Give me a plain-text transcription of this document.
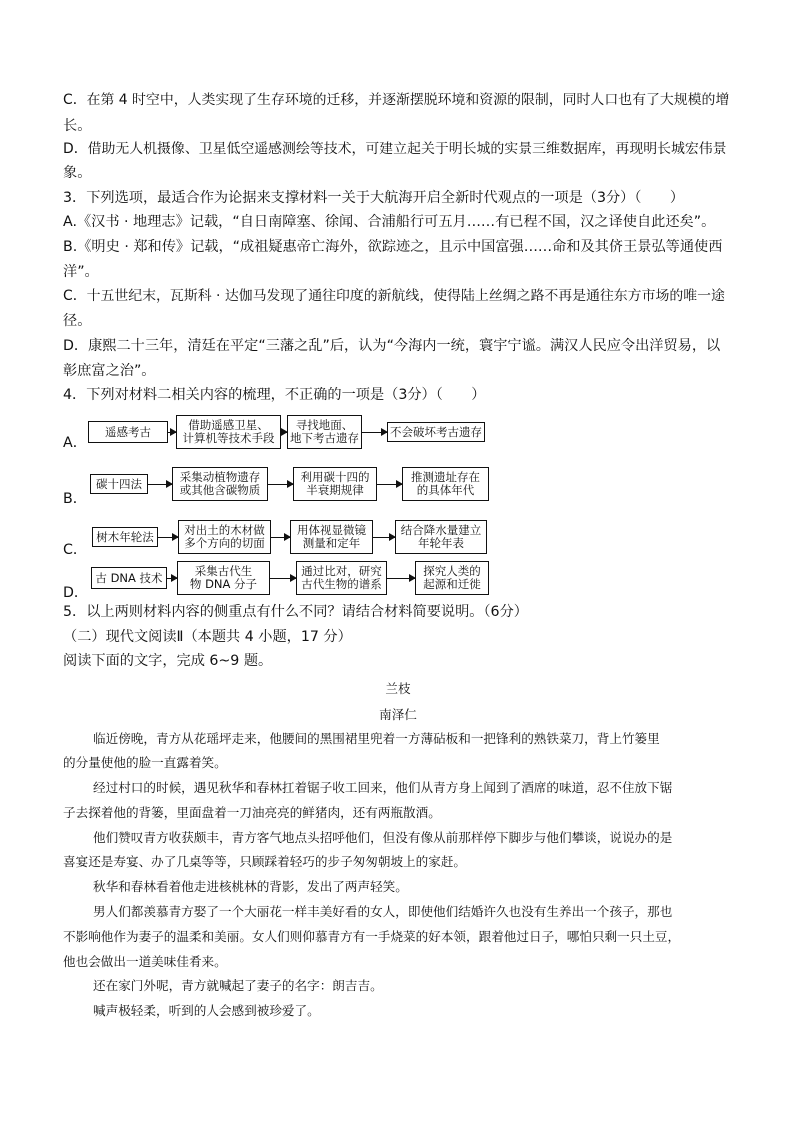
C．在第 4 时空中，人类实现了生存环境的迁移，并逐渐摆脱环境和资源的限制，同时人口也有了大规模的增
长。
D．借助无人机摄像、卫星低空遥感测绘等技术，可建立起关于明长城的实景三维数据库，再现明长城宏伟景
象。
3．下列选项，最适合作为论据来支撑材料一关于大航海开启全新时代观点的一项是（3分）（　　）
A.《汉书 · 地理志》记载，“自日南障塞、徐闻、合浦船行可五月……有已程不国，汉之译使自此还矣”。
B.《明史 · 郑和传》记载，“成祖疑惠帝亡海外，欲踪迹之，且示中国富强……命和及其侪王景弘等通使西
洋”。
C．十五世纪末，瓦斯科 · 达伽马发现了通往印度的新航线，使得陆上丝绸之路不再是通往东方市场的唯一途
径。
D．康熙二十三年，清廷在平定“三藩之乱”后，认为“今海内一统，寰宇宁谧。满汉人民应令出洋贸易，以
彰庶富之治”。
4．下列对材料二相关内容的梳理，不正确的一项是（3分）（　　）
A．
遥感考古	借助遥感卫星、
计算机等技术手段
寻找地面、
地下考古遗存	不会破坏考古遗存
B．
碳十四法	采集动植物遗存
或其他含碳物质
利用碳十四的
半衰期规律
推测遗址存在
的具体年代
C．
树木年轮法	对出土的木材做
多个方向的切面
用体视显微镜
测量和定年
结合降水量建立
年轮年表
D．
古 DNA 技术	采集古代生
物 DNA 分子
通过比对，研究
古代生物的谱系
探究人类的
起源和迁徙
5．以上两则材料内容的侧重点有什么不同？请结合材料简要说明。（6分）
（二）现代文阅读Ⅱ（本题共 4 小题，17 分）
阅读下面的文字，完成 6~9 题。
兰枝
南泽仁
临近傍晚，青方从花瑶坪走来，他腰间的黑围裙里兜着一方薄砧板和一把锋利的熟铁菜刀，背上竹篓里
的分量使他的脸一直露着笑。
经过村口的时候，遇见秋华和春林扛着锯子收工回来，他们从青方身上闻到了酒席的味道，忍不住放下锯
子去探着他的背篓，里面盘着一刀油亮亮的鲜猪肉，还有两瓶散酒。
他们赞叹青方收获颇丰，青方客气地点头招呼他们，但没有像从前那样停下脚步与他们攀谈，说说办的是
喜宴还是寿宴、办了几桌等等，只顾踩着轻巧的步子匆匆朝坡上的家赶。
秋华和春林看着他走进核桃林的背影，发出了两声轻笑。
男人们都羡慕青方娶了一个大丽花一样丰美好看的女人，即使他们结婚许久也没有生养出一个孩子，那也
不影响他作为妻子的温柔和美丽。女人们则仰慕青方有一手烧菜的好本领，跟着他过日子，哪怕只剩一只土豆，
他也会做出一道美味佳肴来。
还在家门外呢，青方就喊起了妻子的名字：朗吉吉。
喊声极轻柔，听到的人会感到被珍爱了。
